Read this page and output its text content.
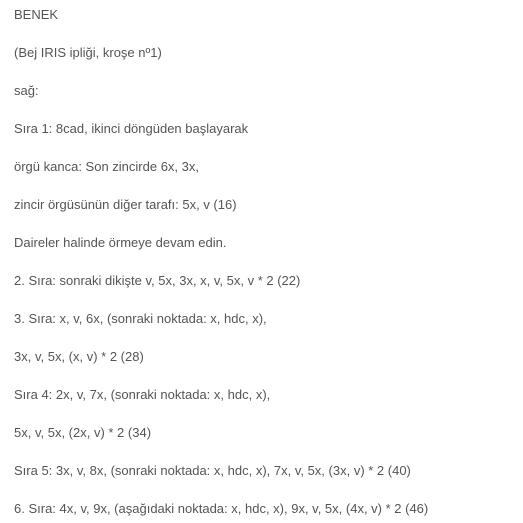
BENEK
(Bej IRIS ipliği, kroşe nº1)
sağ:
Sıra 1: 8cad, ikinci döngüden başlayarak
örgü kanca: Son zincirde 6x, 3x,
zincir örgüsünün diğer tarafı: 5x, v (16)
Daireler halinde örmeye devam edin.
2. Sıra: sonraki dikişte v, 5x, 3x, x, v, 5x, v * 2 (22)
3. Sıra: x, v, 6x, (sonraki noktada: x, hdc, x),
3x, v, 5x, (x, v) * 2 (28)
Sıra 4: 2x, v, 7x, (sonraki noktada: x, hdc, x),
5x, v, 5x, (2x, v) * 2 (34)
Sıra 5: 3x, v, 8x, (sonraki noktada: x, hdc, x), 7x, v, 5x, (3x, v) * 2 (40)
6. Sıra: 4x, v, 9x, (aşağıdaki noktada: x, hdc, x), 9x, v, 5x, (4x, v) * 2 (46)
